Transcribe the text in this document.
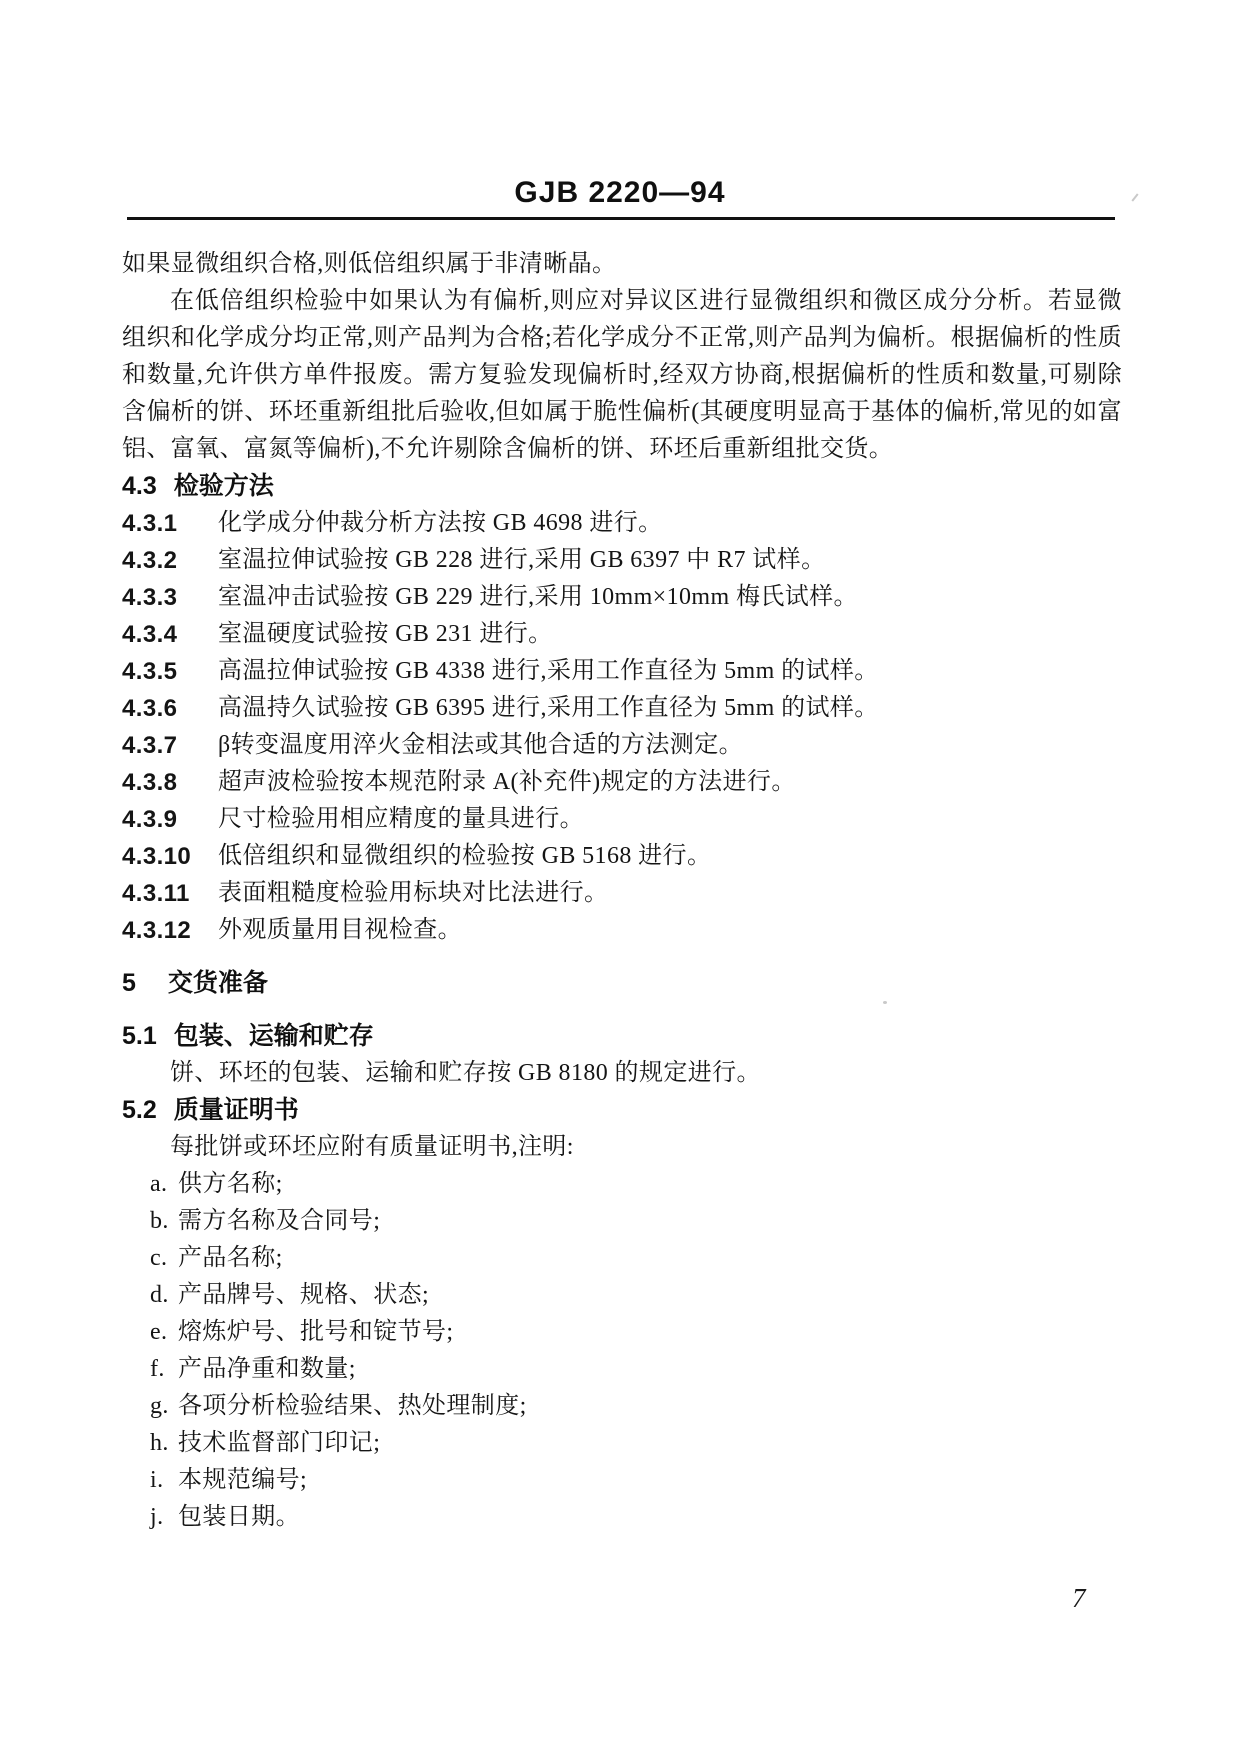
GJB 2220—94

如果显微组织合格,则低倍组织属于非清晰晶。

在低倍组织检验中如果认为有偏析,则应对异议区进行显微组织和微区成分分析。若显微组织和化学成分均正常,则产品判为合格;若化学成分不正常,则产品判为偏析。根据偏析的性质和数量,允许供方单件报废。需方复验发现偏析时,经双方协商,根据偏析的性质和数量,可剔除含偏析的饼、环坯重新组批后验收,但如属于脆性偏析(其硬度明显高于基体的偏析,常见的如富铝、富氧、富氮等偏析),不允许剔除含偏析的饼、环坯后重新组批交货。

4.3 检验方法
4.3.1	化学成分仲裁分析方法按 GB 4698 进行。
4.3.2	室温拉伸试验按 GB 228 进行,采用 GB 6397 中 R7 试样。
4.3.3	室温冲击试验按 GB 229 进行,采用 10mm×10mm 梅氏试样。
4.3.4	室温硬度试验按 GB 231 进行。
4.3.5	高温拉伸试验按 GB 4338 进行,采用工作直径为 5mm 的试样。
4.3.6	高温持久试验按 GB 6395 进行,采用工作直径为 5mm 的试样。
4.3.7	β转变温度用淬火金相法或其他合适的方法测定。
4.3.8	超声波检验按本规范附录 A(补充件)规定的方法进行。
4.3.9	尺寸检验用相应精度的量具进行。
4.3.10	低倍组织和显微组织的检验按 GB 5168 进行。
4.3.11	表面粗糙度检验用标块对比法进行。
4.3.12	外观质量用目视检查。
5 交货准备
5.1 包装、运输和贮存

饼、环坯的包装、运输和贮存按 GB 8180 的规定进行。

5.2 质量证明书

每批饼或环坯应附有质量证明书,注明:

a. 供方名称;
b. 需方名称及合同号;
c. 产品名称;
d. 产品牌号、规格、状态;
e. 熔炼炉号、批号和锭节号;
f. 产品净重和数量;
g. 各项分析检验结果、热处理制度;
h. 技术监督部门印记;
i. 本规范编号;
j. 包装日期。
7
